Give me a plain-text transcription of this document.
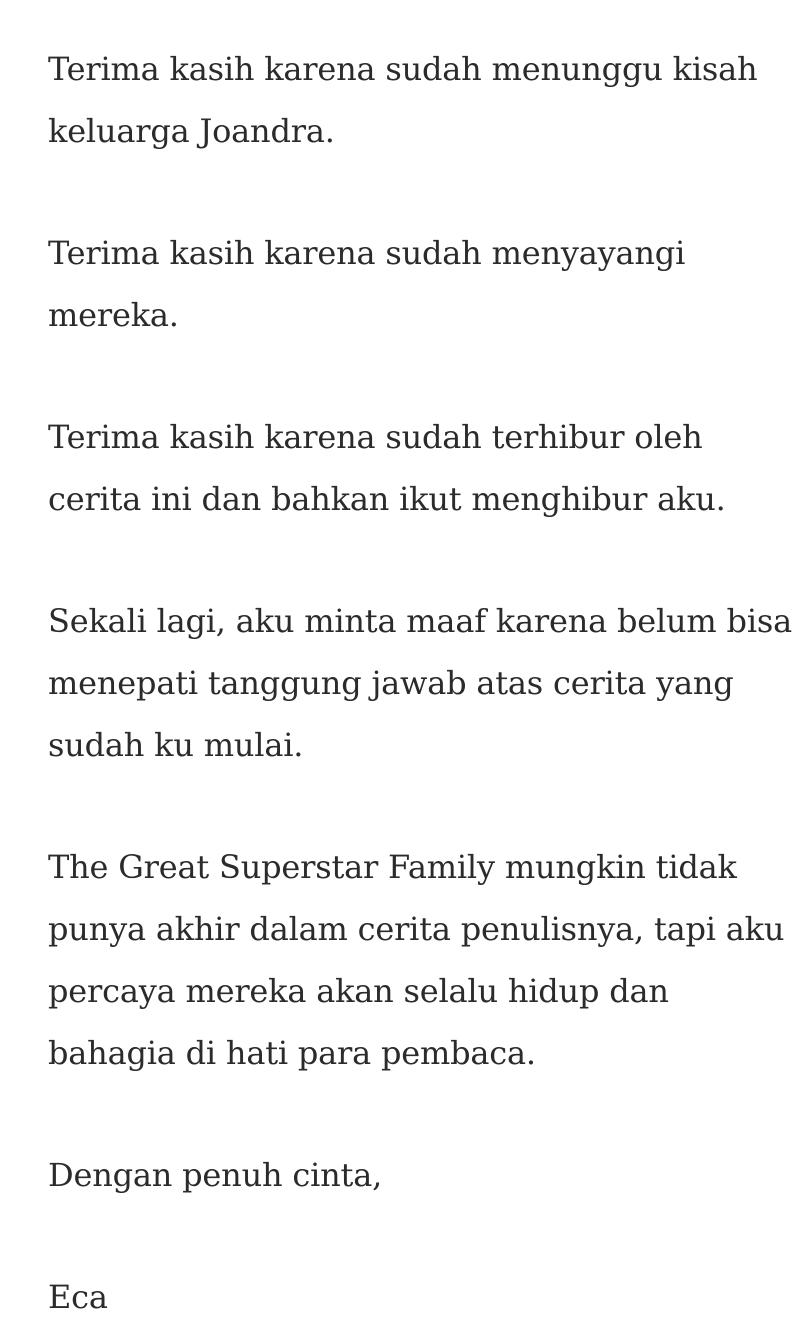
Terima kasih karena sudah menunggu kisah
keluarga Joandra.

Terima kasih karena sudah menyayangi
mereka.

Terima kasih karena sudah terhibur oleh
cerita ini dan bahkan ikut menghibur aku.

Sekali lagi, aku minta maaf karena belum bisa
menepati tanggung jawab atas cerita yang
sudah ku mulai.

The Great Superstar Family mungkin tidak
punya akhir dalam cerita penulisnya, tapi aku
percaya mereka akan selalu hidup dan
bahagia di hati para pembaca.

Dengan penuh cinta,

Eca
